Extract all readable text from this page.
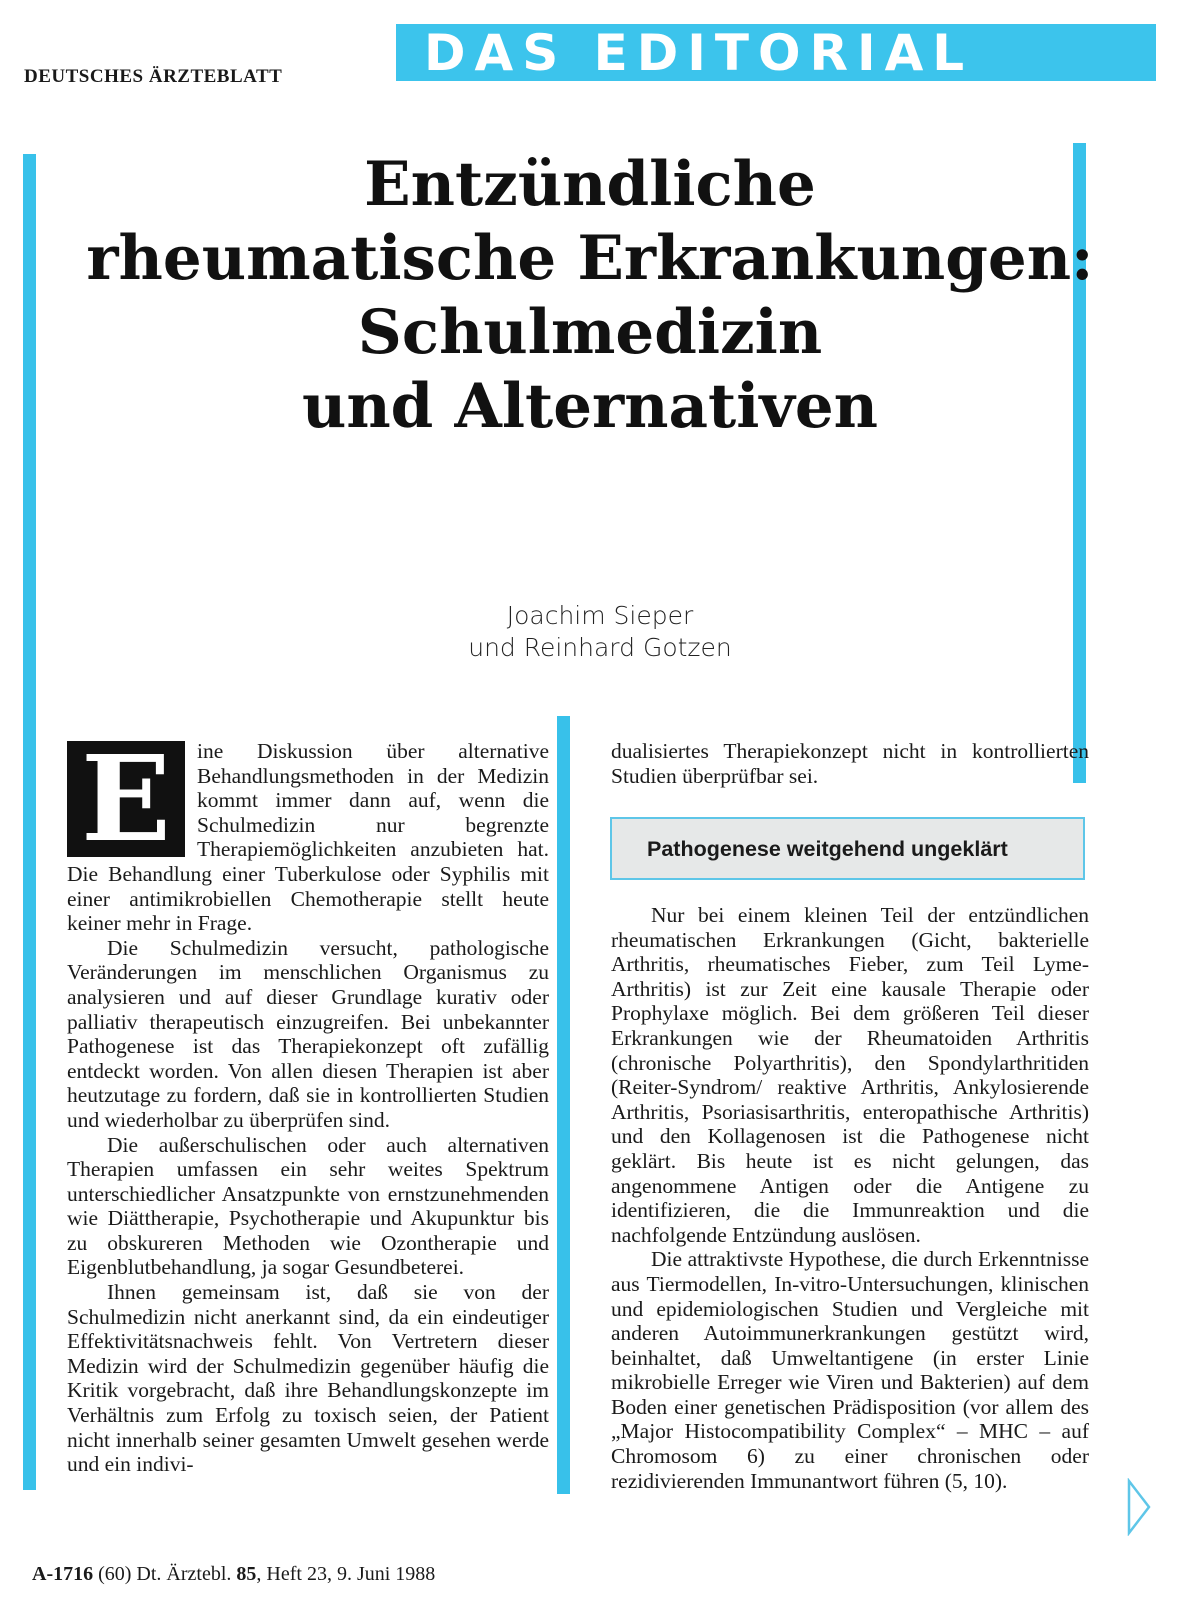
DEUTSCHES ÄRZTEBLATT	DAS EDITORIAL
Entzündliche
rheumatische Erkrankungen:
Schulmedizin
und Alternativen
Joachim Sieper
und Reinhard Gotzen

E	ine Diskussion über alternative Behandlungsmethoden in der Medizin kommt immer dann auf, wenn die Schulmedizin nur begrenzte Therapiemöglichkeiten anzubieten hat. Die Behandlung einer Tuberkulose oder Syphilis mit einer antimikrobiellen Chemotherapie stellt heute keiner mehr in Frage.

Die Schulmedizin versucht, pathologische Veränderungen im menschlichen Organismus zu analysieren und auf dieser Grundlage kurativ oder palliativ therapeutisch einzugreifen. Bei unbekannter Pathogenese ist das Therapiekonzept oft zufällig entdeckt worden. Von allen diesen Therapien ist aber heutzutage zu fordern, daß sie in kontrollierten Studien und wiederholbar zu überprüfen sind.

Die außerschulischen oder auch alternativen Therapien umfassen ein sehr weites Spektrum unterschiedlicher Ansatzpunkte von ernstzunehmenden wie Diättherapie, Psychotherapie und Akupunktur bis zu obskureren Methoden wie Ozontherapie und Eigenblutbehandlung, ja sogar Gesundbeterei.

Ihnen gemeinsam ist, daß sie von der Schulmedizin nicht anerkannt sind, da ein eindeutiger Effektivitätsnachweis fehlt. Von Vertretern dieser Medizin wird der Schulmedizin gegenüber häufig die Kritik vorgebracht, daß ihre Behandlungskonzepte im Verhältnis zum Erfolg zu toxisch seien, der Patient nicht innerhalb seiner gesamten Umwelt gesehen werde und ein indivi-

dualisiertes Therapiekonzept nicht in kontrollierten Studien überprüfbar sei.

Pathogenese weitgehend ungeklärt

Nur bei einem kleinen Teil der entzündlichen rheumatischen Erkrankungen (Gicht, bakterielle Arthritis, rheumatisches Fieber, zum Teil Lyme-Arthritis) ist zur Zeit eine kausale Therapie oder Prophylaxe möglich. Bei dem größeren Teil dieser Erkrankungen wie der Rheumatoiden Arthritis (chronische Polyarthritis), den Spondylarthritiden (Reiter-Syndrom/ reaktive Arthritis, Ankylosierende Arthritis, Psoriasisarthritis, enteropathische Arthritis) und den Kollagenosen ist die Pathogenese nicht geklärt. Bis heute ist es nicht gelungen, das angenommene Antigen oder die Antigene zu identifizieren, die die Immunreaktion und die nachfolgende Entzündung auslösen.

Die attraktivste Hypothese, die durch Erkenntnisse aus Tiermodellen, In-vitro-Untersuchungen, klinischen und epidemiologischen Studien und Vergleiche mit anderen Autoimmunerkrankungen gestützt wird, beinhaltet, daß Umweltantigene (in erster Linie mikrobielle Erreger wie Viren und Bakterien) auf dem Boden einer genetischen Prädisposition (vor allem des „Major Histocompatibility Complex“ – MHC – auf Chromosom 6) zu einer chronischen oder rezidivierenden Immunantwort führen (5, 10).

A-1716 (60) Dt. Ärztebl. 85, Heft 23, 9. Juni 1988
